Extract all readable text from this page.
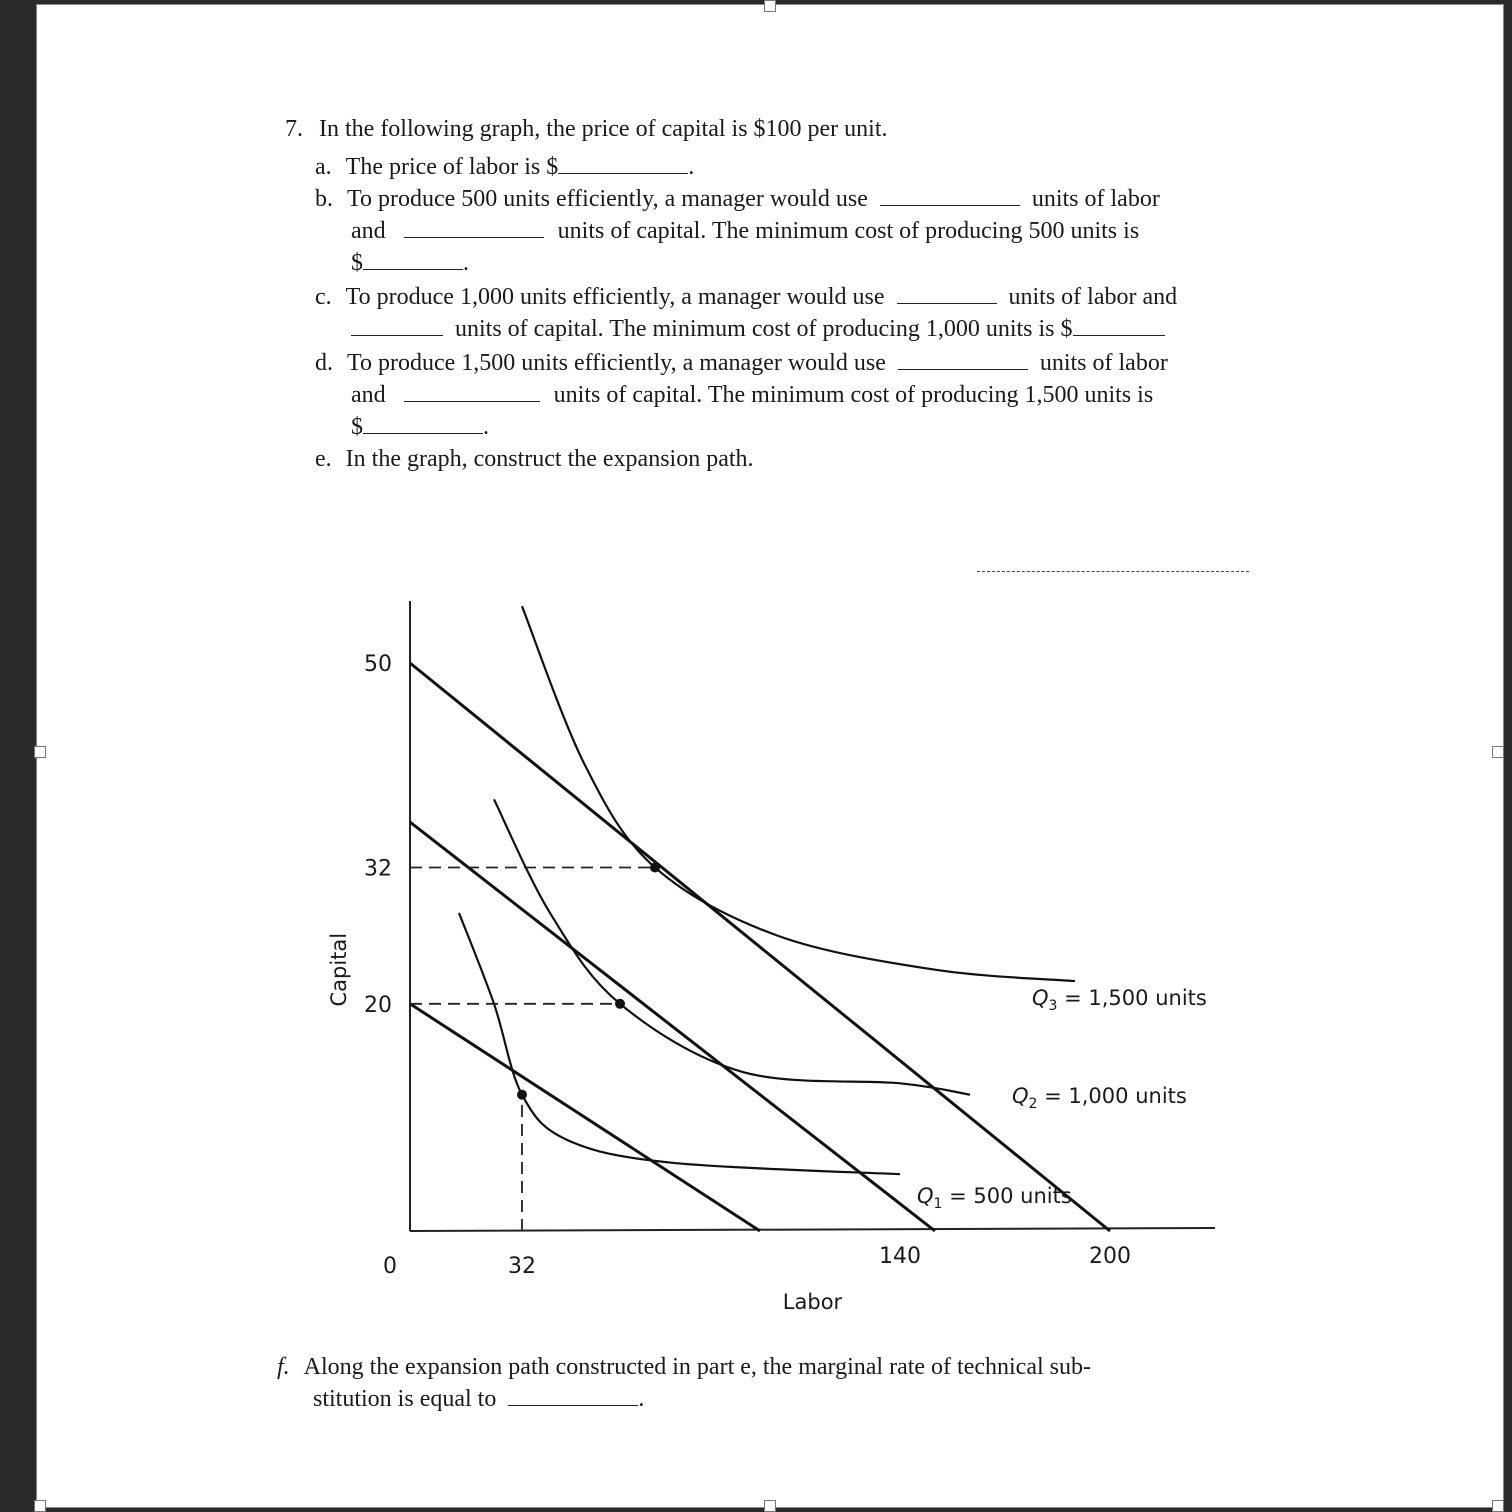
7. In the following graph, the price of capital is $100 per unit.
a. The price of labor is $	.
b. To produce 500 units efficiently, a manager would use	units of labor
and	units of capital. The minimum cost of producing 500 units is
$	.
c. To produce 1,000 units efficiently, a manager would use	units of labor and
units of capital. The minimum cost of producing 1,000 units is $
d. To produce 1,500 units efficiently, a manager would use	units of labor
and	units of capital. The minimum cost of producing 1,500 units is
$	.
e. In the graph, construct the expansion path.
50
32
20
0	32	140	200
Labor
Capital
$Q_1 = 500$ units
$Q_2 = 1,000$ units
$Q_3 = 1,500$ units
f. Along the expansion path constructed in part e, the marginal rate of technical sub-
stitution is equal to	.
